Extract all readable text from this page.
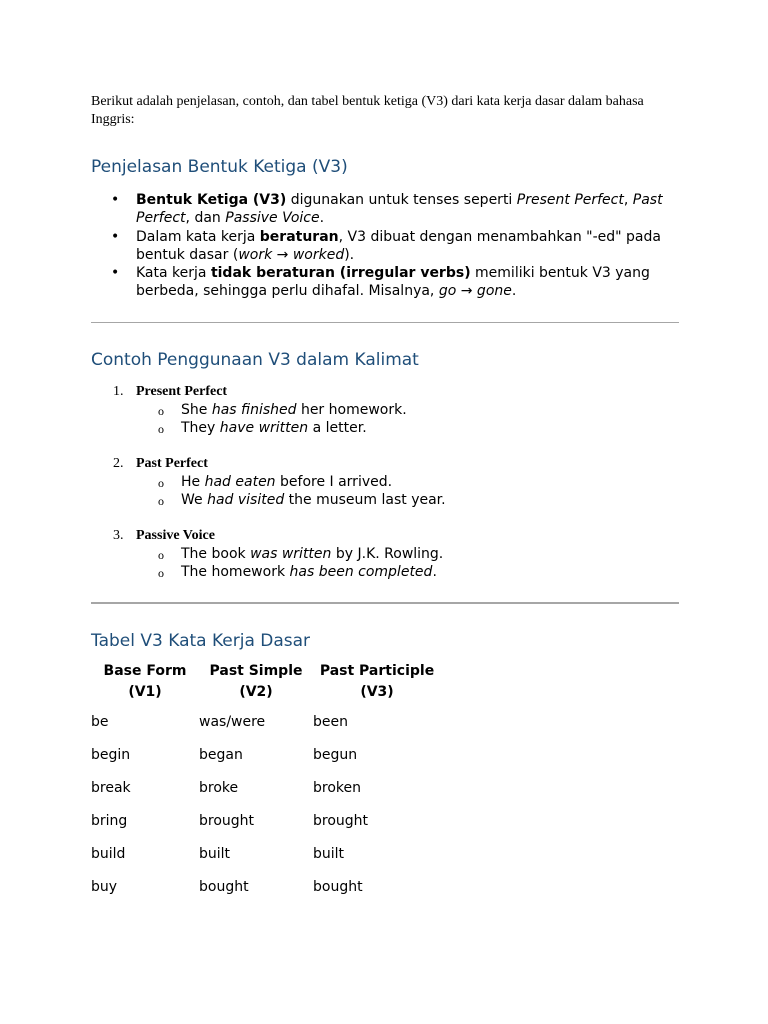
Berikut adalah penjelasan, contoh, dan tabel bentuk ketiga (V3) dari kata kerja dasar dalam bahasa Inggris:

Penjelasan Bentuk Ketiga (V3)
• Bentuk Ketiga (V3) digunakan untuk tenses seperti Present Perfect, Past Perfect, dan Passive Voice.
• Dalam kata kerja beraturan, V3 dibuat dengan menambahkan "-ed" pada bentuk dasar (work → worked).
• Kata kerja tidak beraturan (irregular verbs) memiliki bentuk V3 yang berbeda, sehingga perlu dihafal. Misalnya, go → gone.
Contoh Penggunaan V3 dalam Kalimat
1. Present Perfect
o She has finished her homework.
o They have written a letter.
2. Past Perfect
o He had eaten before I arrived.
o We had visited the museum last year.
3. Passive Voice
o The book was written by J.K. Rowling.
o The homework has been completed.
Tabel V3 Kata Kerja Dasar
Base Form (V1)	Past Simple (V2)	Past Participle (V3)
be	was/were	been
begin	began	begun
break	broke	broken
bring	brought	brought
build	built	built
buy	bought	bought
